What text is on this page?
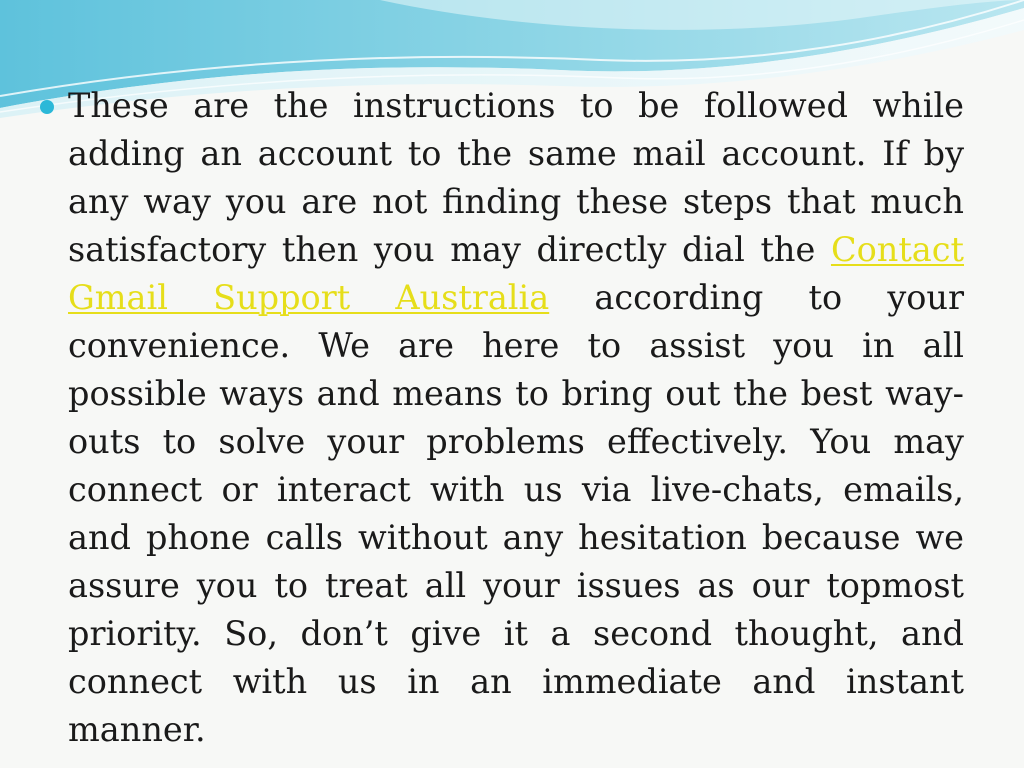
These are the instructions to be followed while adding an account to the same mail account. If by any way you are not finding these steps that much satisfactory then you may directly dial the Contact Gmail Support Australia according to your convenience. We are here to assist you in all possible ways and means to bring out the best way-outs to solve your problems effectively. You may connect or interact with us via live-chats, emails, and phone calls without any hesitation because we assure you to treat all your issues as our topmost priority. So, don’t give it a second thought, and connect with us in an immediate and instant manner.
